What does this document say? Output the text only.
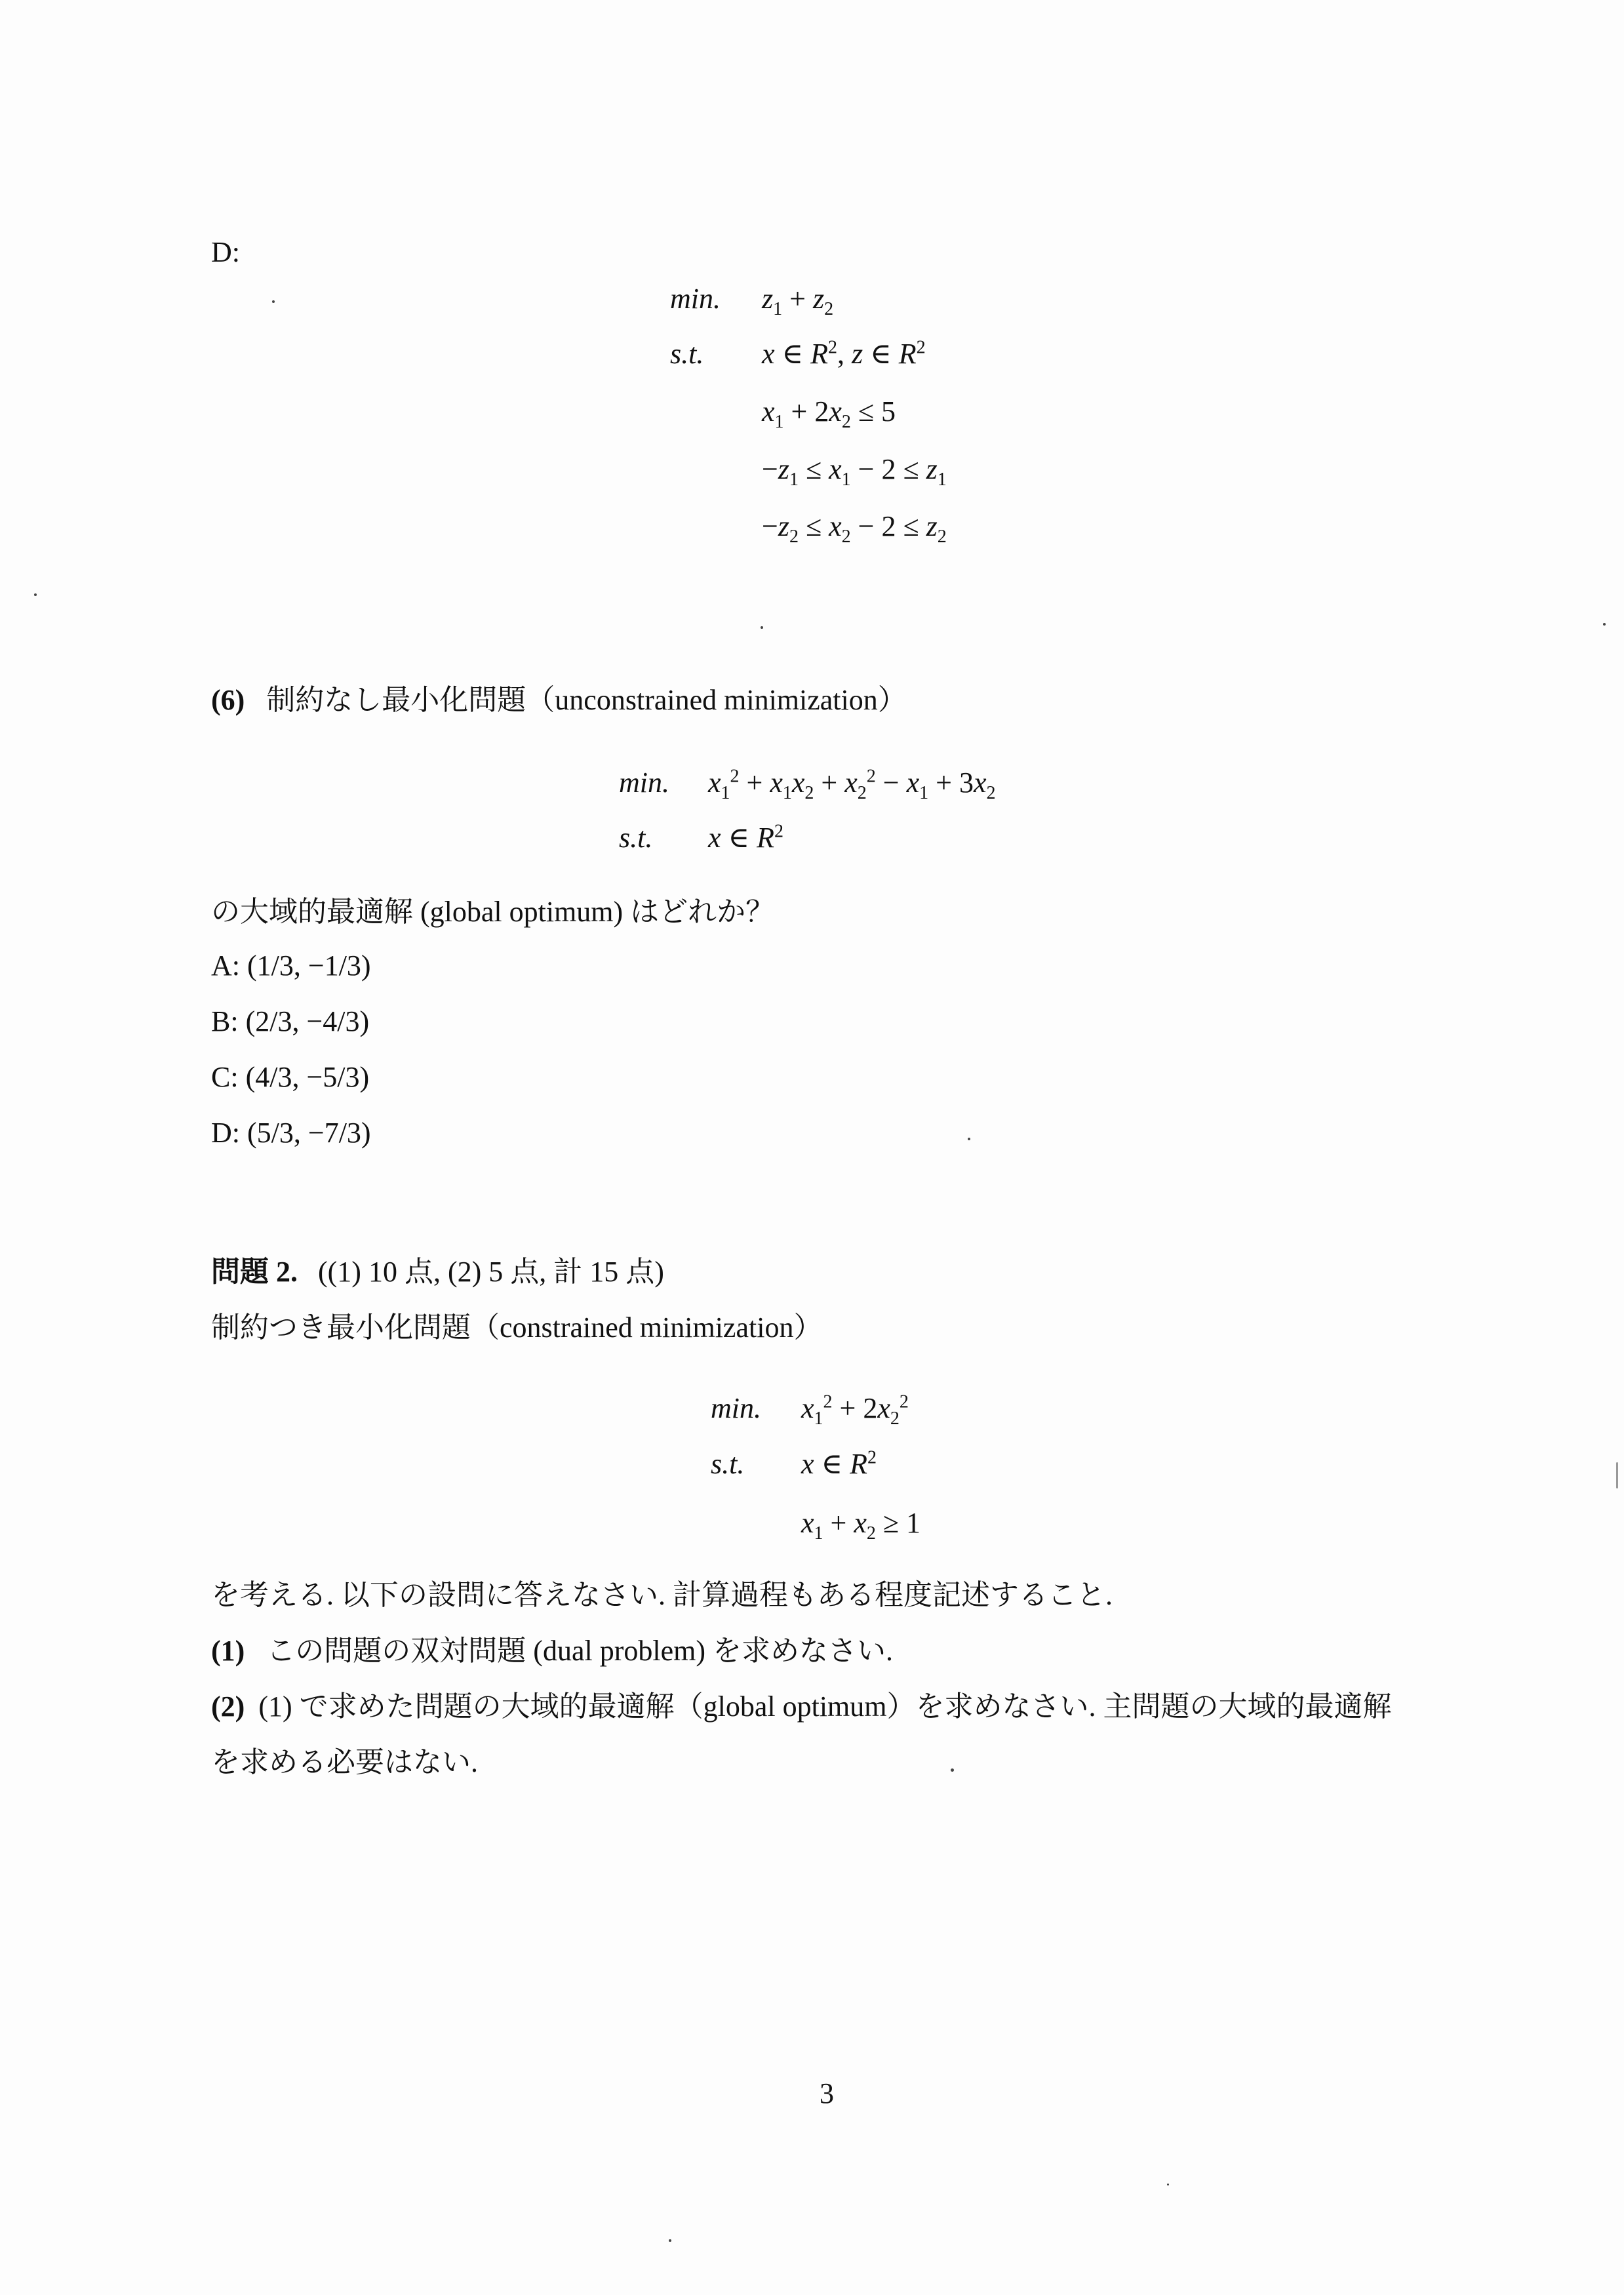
D:
min. $z_1 + z_2$
s.t. x ∈ $R^2$, z ∈ $R^2$
$x_1 + 2x_2 \le 5$
$-z_1 \le x_1 - 2 \le z_1$
$-z_2 \le x_2 - 2 \le z_2$
(6) 制約なし最小化問題（unconstrained minimization）
min. $x_1^2 + x_1x_2 + x_2^2 - x_1 + 3x_2$
s.t. x ∈ $R^2$
の大域的最適解 (global optimum) はどれか？
A: (1/3, −1/3)
B: (2/3, −4/3)
C: (4/3, −5/3)
D: (5/3, −7/3)
問題 2. ((1) 10 点, (2) 5 点, 計 15 点)
制約つき最小化問題（constrained minimization）
min. $x_1^2 + 2x_2^2$
s.t. x ∈ $R^2$
$x_1 + x_2 \ge 1$
を考える. 以下の設問に答えなさい. 計算過程もある程度記述すること.
(1) この問題の双対問題 (dual problem) を求めなさい.
(2) (1) で求めた問題の大域的最適解（global optimum）を求めなさい. 主問題の大域的最適解
を求める必要はない.
3
